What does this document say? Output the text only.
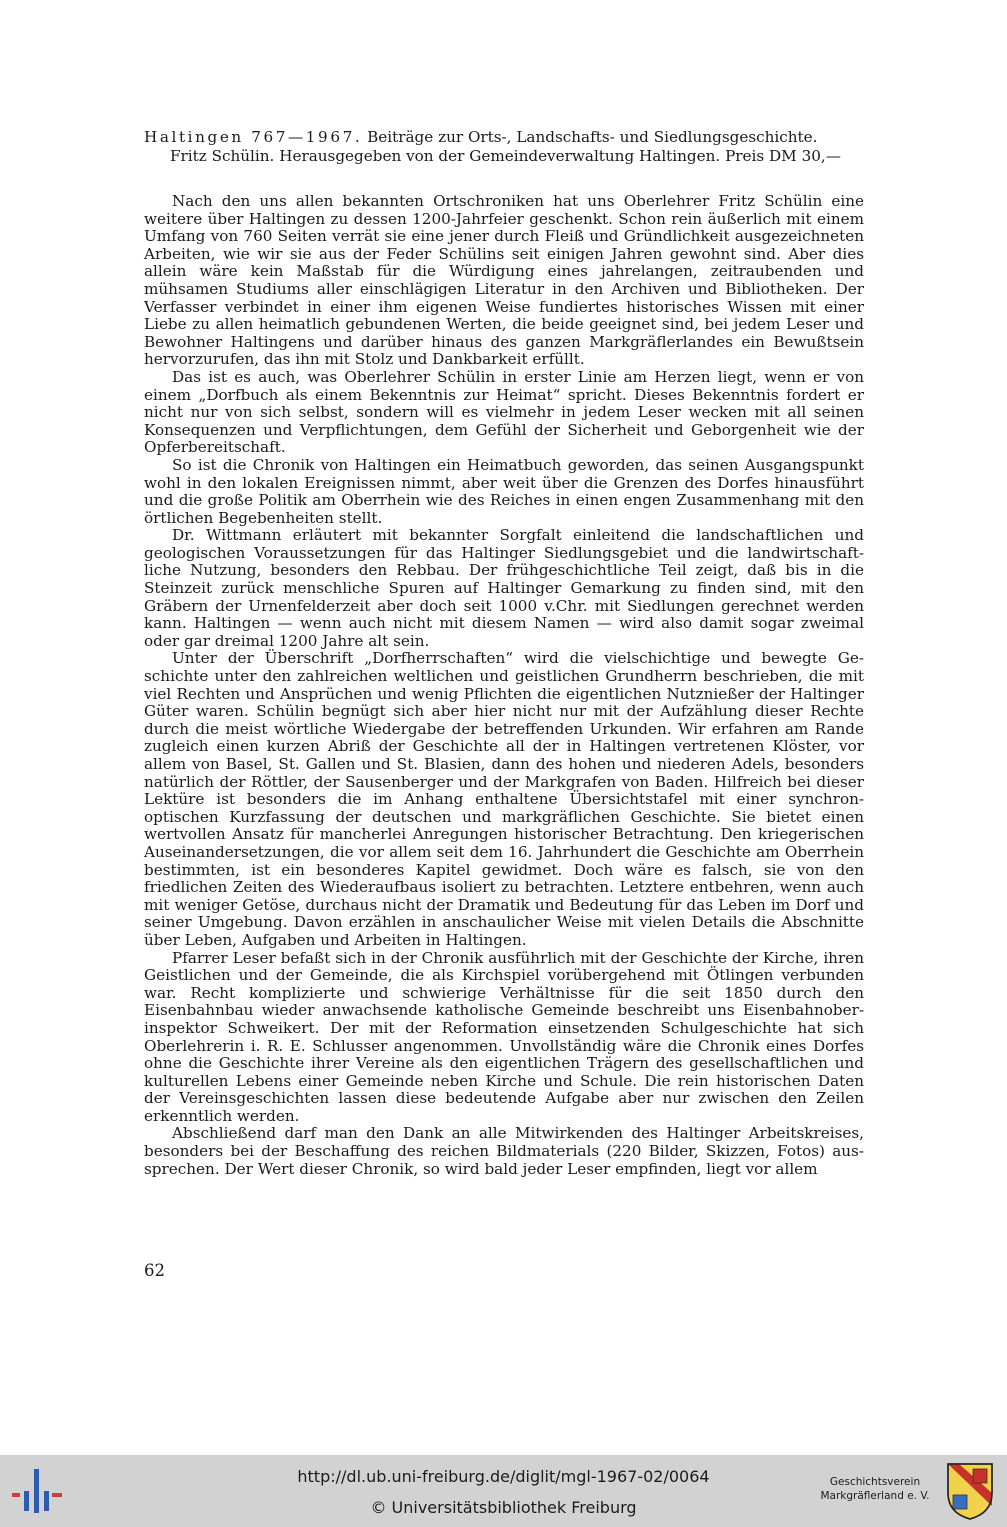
Haltingen 767—1967. Beiträge zur Orts-, Landschafts- und Siedlungsgeschichte.
Fritz Schülin. Herausgegeben von der Gemeindeverwaltung Haltingen. Preis DM 30,—

Nach den uns allen bekannten Ortschroniken hat uns Oberlehrer Fritz Schülin eine weitere über Haltingen zu dessen 1200-Jahrfeier geschenkt. Schon rein äußerlich mit einem Umfang von 760 Seiten verrät sie eine jener durch Fleiß und Gründlichkeit ausgezeichneten Arbeiten, wie wir sie aus der Feder Schülins seit einigen Jahren gewohnt sind. Aber dies allein wäre kein Maßstab für die Würdigung eines jahrelangen, zeitraubenden und mühsamen Studiums aller einschlägigen Literatur in den Archiven und Bibliotheken. Der Verfasser verbindet in einer ihm eigenen Weise fundiertes historisches Wissen mit einer Liebe zu allen heimatlich gebundenen Werten, die beide geeignet sind, bei jedem Leser und Bewohner Haltingens und darüber hinaus des ganzen Markgräflerlandes ein Bewußtsein hervorzurufen, das ihn mit Stolz und Dankbarkeit erfüllt.

Das ist es auch, was Oberlehrer Schülin in erster Linie am Herzen liegt, wenn er von einem „Dorfbuch als einem Bekenntnis zur Heimat“ spricht. Dieses Bekenntnis fordert er nicht nur von sich selbst, sondern will es vielmehr in jedem Leser wecken mit all seinen Konsequenzen und Verpflichtungen, dem Gefühl der Sicherheit und Geborgenheit wie der Opferbereitschaft.

So ist die Chronik von Haltingen ein Heimatbuch geworden, das seinen Ausgangspunkt wohl in den lokalen Ereignissen nimmt, aber weit über die Grenzen des Dorfes hinausführt und die große Politik am Oberrhein wie des Reiches in einen engen Zusammenhang mit den örtlichen Begebenheiten stellt.

Dr. Wittmann erläutert mit bekannter Sorgfalt einleitend die landschaftlichen und geologischen Voraussetzungen für das Haltinger Siedlungsgebiet und die landwirtschaftliche Nutzung, besonders den Rebbau. Der frühgeschichtliche Teil zeigt, daß bis in die Steinzeit zurück menschliche Spuren auf Haltinger Gemarkung zu finden sind, mit den Gräbern der Urnenfelderzeit aber doch seit 1000 v.Chr. mit Siedlungen gerechnet werden kann. Haltingen — wenn auch nicht mit diesem Namen — wird also damit sogar zweimal oder gar dreimal 1200 Jahre alt sein.

Unter der Überschrift „Dorfherrschaften“ wird die vielschichtige und bewegte Geschichte unter den zahlreichen weltlichen und geistlichen Grundherrn beschrieben, die mit viel Rechten und Ansprüchen und wenig Pflichten die eigentlichen Nutznießer der Haltinger Güter waren. Schülin begnügt sich aber hier nicht nur mit der Aufzählung dieser Rechte durch die meist wörtliche Wiedergabe der betreffenden Urkunden. Wir erfahren am Rande zugleich einen kurzen Abriß der Geschichte all der in Haltingen vertretenen Klöster, vor allem von Basel, St. Gallen und St. Blasien, dann des hohen und niederen Adels, besonders natürlich der Röttler, der Sausenberger und der Markgrafen von Baden. Hilfreich bei dieser Lektüre ist besonders die im Anhang enthaltene Übersichtstafel mit einer synchron-optischen Kurzfassung der deutschen und markgräflichen Geschichte. Sie bietet einen wertvollen Ansatz für mancherlei Anregungen historischer Betrachtung. Den kriegerischen Auseinandersetzungen, die vor allem seit dem 16. Jahrhundert die Geschichte am Oberrhein bestimmten, ist ein besonderes Kapitel gewidmet. Doch wäre es falsch, sie von den friedlichen Zeiten des Wiederaufbaus isoliert zu betrachten. Letztere entbehren, wenn auch mit weniger Getöse, durchaus nicht der Dramatik und Bedeutung für das Leben im Dorf und seiner Umgebung. Davon erzählen in anschaulicher Weise mit vielen Details die Abschnitte über Leben, Aufgaben und Arbeiten in Haltingen.

Pfarrer Leser befaßt sich in der Chronik ausführlich mit der Geschichte der Kirche, ihren Geistlichen und der Gemeinde, die als Kirchspiel vorübergehend mit Ötlingen verbunden war. Recht komplizierte und schwierige Verhältnisse für die seit 1850 durch den Eisenbahnbau wieder anwachsende katholische Gemeinde beschreibt uns Eisenbahnoberinspektor Schweikert. Der mit der Reformation einsetzenden Schulgeschichte hat sich Oberlehrerin i. R. E. Schlusser angenommen. Unvollständig wäre die Chronik eines Dorfes ohne die Geschichte ihrer Vereine als den eigentlichen Trägern des gesellschaftlichen und kulturellen Lebens einer Gemeinde neben Kirche und Schule. Die rein historischen Daten der Vereinsgeschichten lassen diese bedeutende Aufgabe aber nur zwischen den Zeilen erkenntlich werden.

Abschließend darf man den Dank an alle Mitwirkenden des Haltinger Arbeitskreises, besonders bei der Beschaffung des reichen Bildmaterials (220 Bilder, Skizzen, Fotos) aussprechen. Der Wert dieser Chronik, so wird bald jeder Leser empfinden, liegt vor allem

62
http://dl.ub.uni-freiburg.de/diglit/mgl-1967-02/0064
© Universitätsbibliothek Freiburg
Geschichtsverein
Markgräflerland e. V.
